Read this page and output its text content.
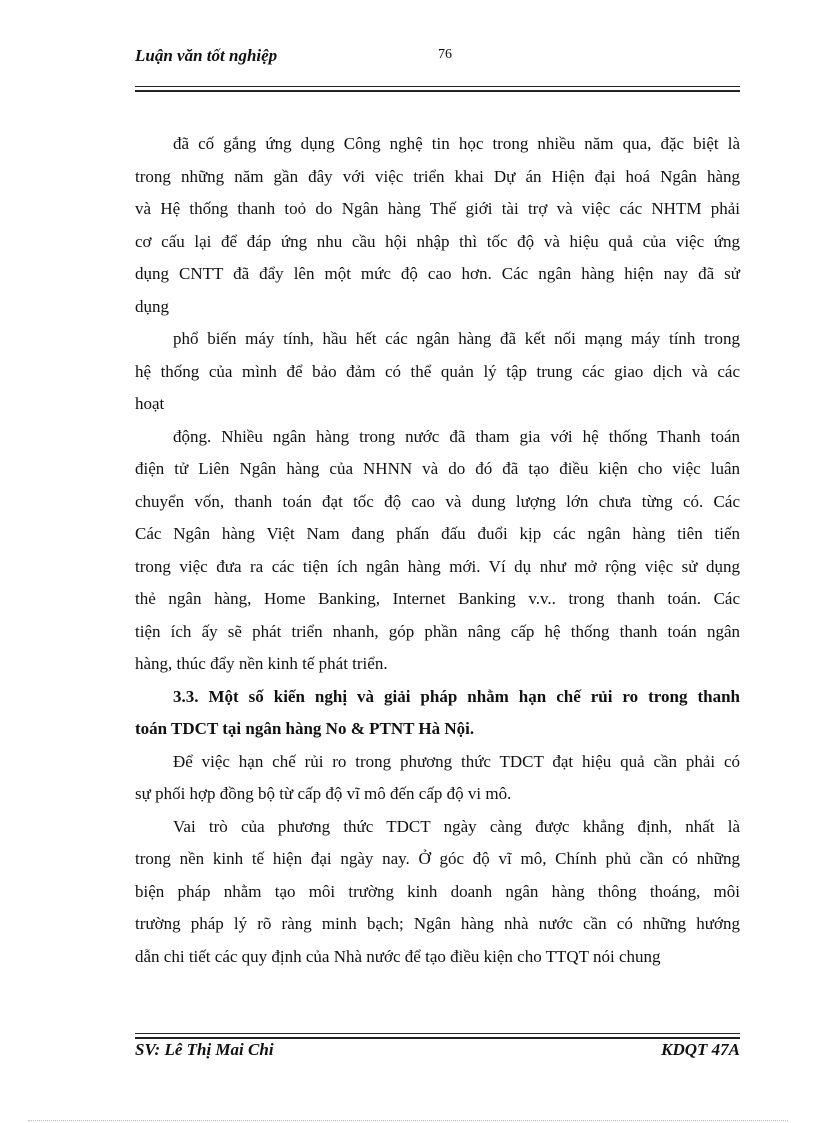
Luận văn tốt nghiệp	76
đã cố gắng ứng dụng Công nghệ tin học trong nhiều năm qua, đặc biệt là
trong những năm gần đây với việc triển khai Dự án Hiện đại hoá Ngân hàng
và Hệ thống thanh toỏ do Ngân hàng Thế giới tài trợ và việc các NHTM phải
cơ cấu lại để đáp ứng nhu cầu hội nhập thì tốc độ và hiệu quả của việc ứng
dụng CNTT đã đẩy lên một mức độ cao hơn. Các ngân hàng hiện nay đã sử
dụng
phổ biến máy tính, hầu hết các ngân hàng đã kết nối mạng máy tính trong
hệ thống của mình để bảo đảm có thể quản lý tập trung các giao dịch và các
hoạt
động. Nhiều ngân hàng trong nước đã tham gia với hệ thống Thanh toán
điện tử Liên Ngân hàng của NHNN và do đó đã tạo điều kiện cho việc luân
chuyển vốn, thanh toán đạt tốc độ cao và dung lượng lớn chưa từng có. Các
Các Ngân hàng Việt Nam đang phấn đấu đuổi kịp các ngân hàng tiên tiến
trong việc đưa ra các tiện ích ngân hàng mới. Ví dụ như mở rộng việc sử dụng
thẻ ngân hàng, Home Banking, Internet Banking v.v.. trong thanh toán. Các
tiện ích ấy sẽ phát triển nhanh, góp phần nâng cấp hệ thống thanh toán ngân
hàng, thúc đẩy nền kinh tế phát triển.
3.3. Một số kiến nghị và giải pháp nhằm hạn chế rủi ro trong thanh
toán TDCT tại ngân hàng No & PTNT Hà Nội.
Để việc hạn chế rủi ro trong phương thức TDCT đạt hiệu quả cần phải có
sự phối hợp đồng bộ từ cấp độ vĩ mô đến cấp độ vi mô.
Vai trò của phương thức TDCT ngày càng được khẳng định, nhất là
trong nền kinh tế hiện đại ngày nay. Ở góc độ vĩ mô, Chính phủ cần có những
biện pháp nhằm tạo môi trường kinh doanh ngân hàng thông thoáng, môi
trường pháp lý rõ ràng minh bạch; Ngân hàng nhà nước cần có những hướng
dẫn chi tiết các quy định của Nhà nước để tạo điều kiện cho TTQT nói chung
SV: Lê Thị Mai Chi	KDQT 47A
